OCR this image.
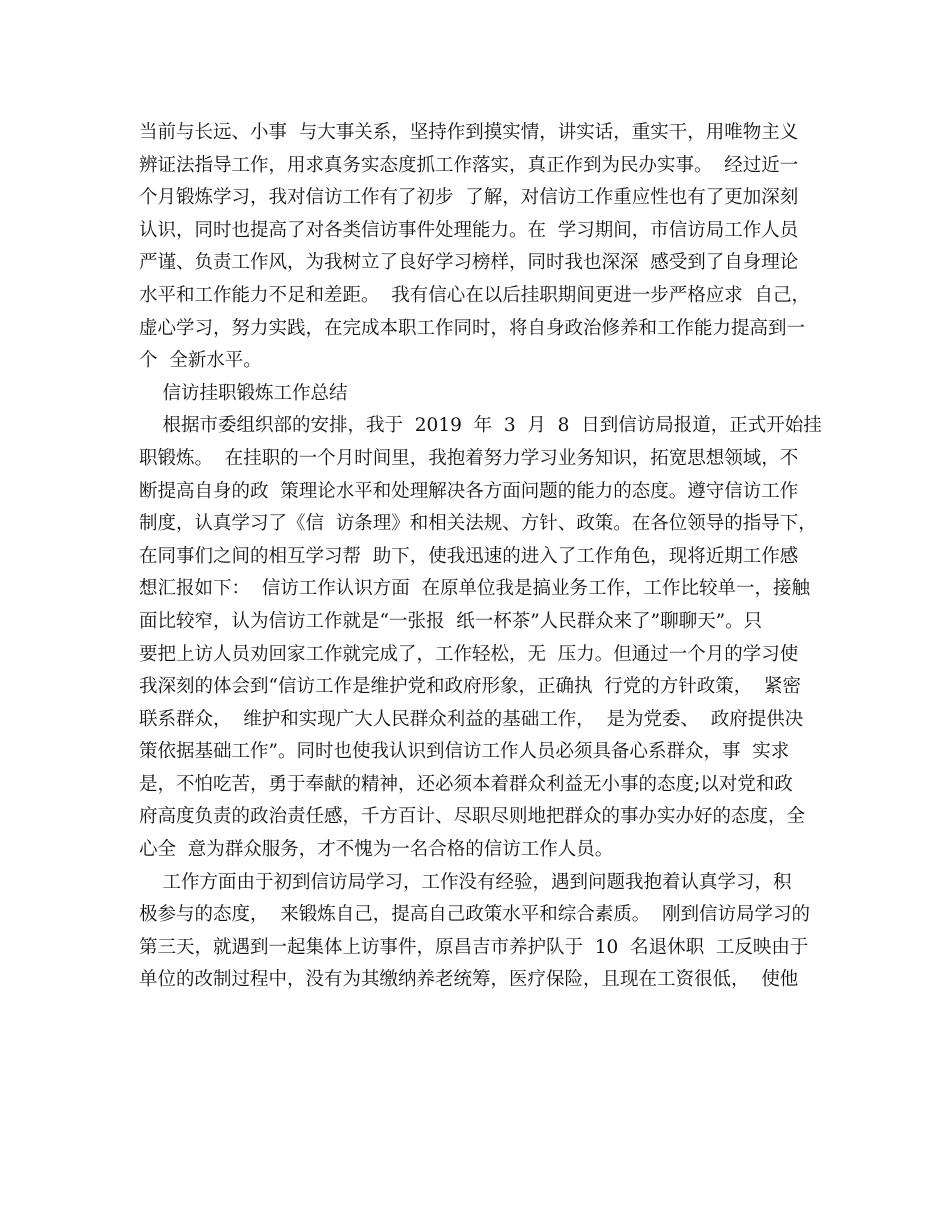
当前与长远、小事  与大事关系，坚持作到摸实情，讲实话，重实干，用唯物主义
辨证法指导工作，用求真务实态度抓工作落实，真正作到为民办实事。  经过近一
个月锻炼学习，我对信访工作有了初步  了解，对信访工作重应性也有了更加深刻
认识，同时也提高了对各类信访事件处理能力。在  学习期间，市信访局工作人员
严谨、负责工作风，为我树立了良好学习榜样，同时我也深深  感受到了自身理论
水平和工作能力不足和差距。  我有信心在以后挂职期间更进一步严格应求  自己，
虚心学习，努力实践，在完成本职工作同时，将自身政治修养和工作能力提高到一
个  全新水平。
信访挂职锻炼工作总结
根据市委组织部的安排，我于  2019  年  3  月  8  日到信访局报道，正式开始挂
职锻炼。  在挂职的一个月时间里，我抱着努力学习业务知识，拓宽思想领域，不
断提高自身的政  策理论水平和处理解决各方面问题的能力的态度。遵守信访工作
制度，认真学习了《信  访条理》和相关法规、方针、政策。在各位领导的指导下，
在同事们之间的相互学习帮  助下，使我迅速的进入了工作角色，现将近期工作感
想汇报如下：  信访工作认识方面  在原单位我是搞业务工作，工作比较单一，接触
面比较窄，认为信访工作就是“一张报  纸一杯茶”人民群众来了”聊聊天”。只
要把上访人员劝回家工作就完成了，工作轻松，无  压力。但通过一个月的学习使
我深刻的体会到“信访工作是维护党和政府形象，正确执  行党的方针政策，  紧密
联系群众，  维护和实现广大人民群众利益的基础工作，  是为党委、  政府提供决
策依据基础工作”。同时也使我认识到信访工作人员必须具备心系群众，事  实求
是，不怕吃苦，勇于奉献的精神，还必须本着群众利益无小事的态度;以对党和政
府高度负责的政治责任感，千方百计、尽职尽则地把群众的事办实办好的态度，全
心全  意为群众服务，才不愧为一名合格的信访工作人员。
工作方面由于初到信访局学习，工作没有经验，遇到问题我抱着认真学习，积
极参与的态度，  来锻炼自己，提高自己政策水平和综合素质。  刚到信访局学习的
第三天，就遇到一起集体上访事件，原昌吉市养护队于  10  名退休职  工反映由于
单位的改制过程中，没有为其缴纳养老统筹，医疗保险，且现在工资很低，  使他
